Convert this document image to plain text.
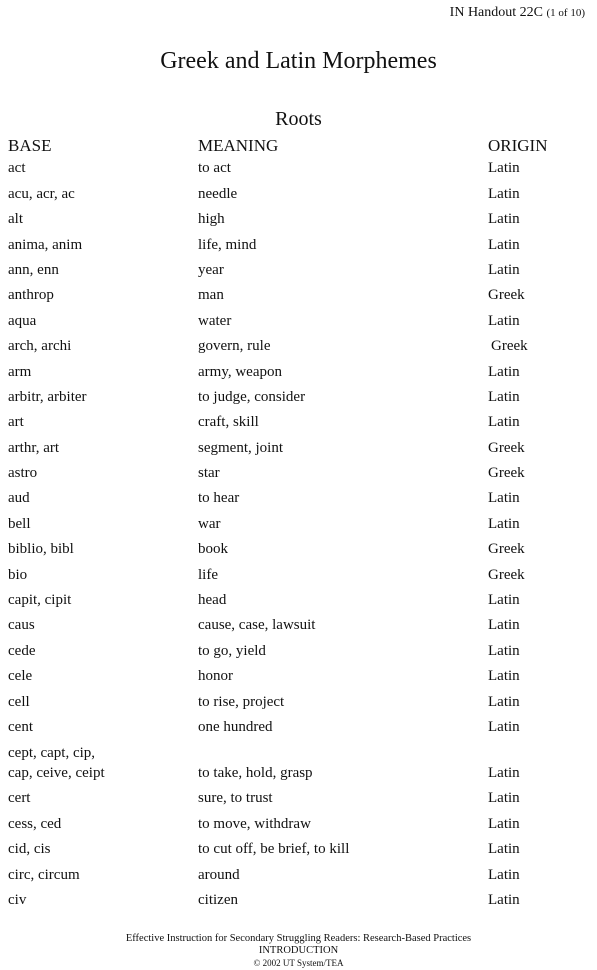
IN Handout 22C (1 of 10)
Greek and Latin Morphemes
Roots
BASE	MEANING	ORIGIN
act	to act	Latin
acu, acr, ac	needle	Latin
alt	high	Latin
anima, anim	life, mind	Latin
ann, enn	year	Latin
anthrop	man	Greek
aqua	water	Latin
arch, archi	govern, rule	Greek
arm	army, weapon	Latin
arbitr, arbiter	to judge, consider	Latin
art	craft, skill	Latin
arthr, art	segment, joint	Greek
astro	star	Greek
aud	to hear	Latin
bell	war	Latin
biblio, bibl	book	Greek
bio	life	Greek
capit, cipit	head	Latin
caus	cause, case, lawsuit	Latin
cede	to go, yield	Latin
cele	honor	Latin
cell	to rise, project	Latin
cent	one hundred	Latin
cept, capt, cip,
cap, ceive, ceipt	to take, hold, grasp	Latin
cert	sure, to trust	Latin
cess, ced	to move, withdraw	Latin
cid, cis	to cut off, be brief, to kill	Latin
circ, circum	around	Latin
civ	citizen	Latin
Effective Instruction for Secondary Struggling Readers: Research-Based Practices
INTRODUCTION
© 2002 UT System/TEA
